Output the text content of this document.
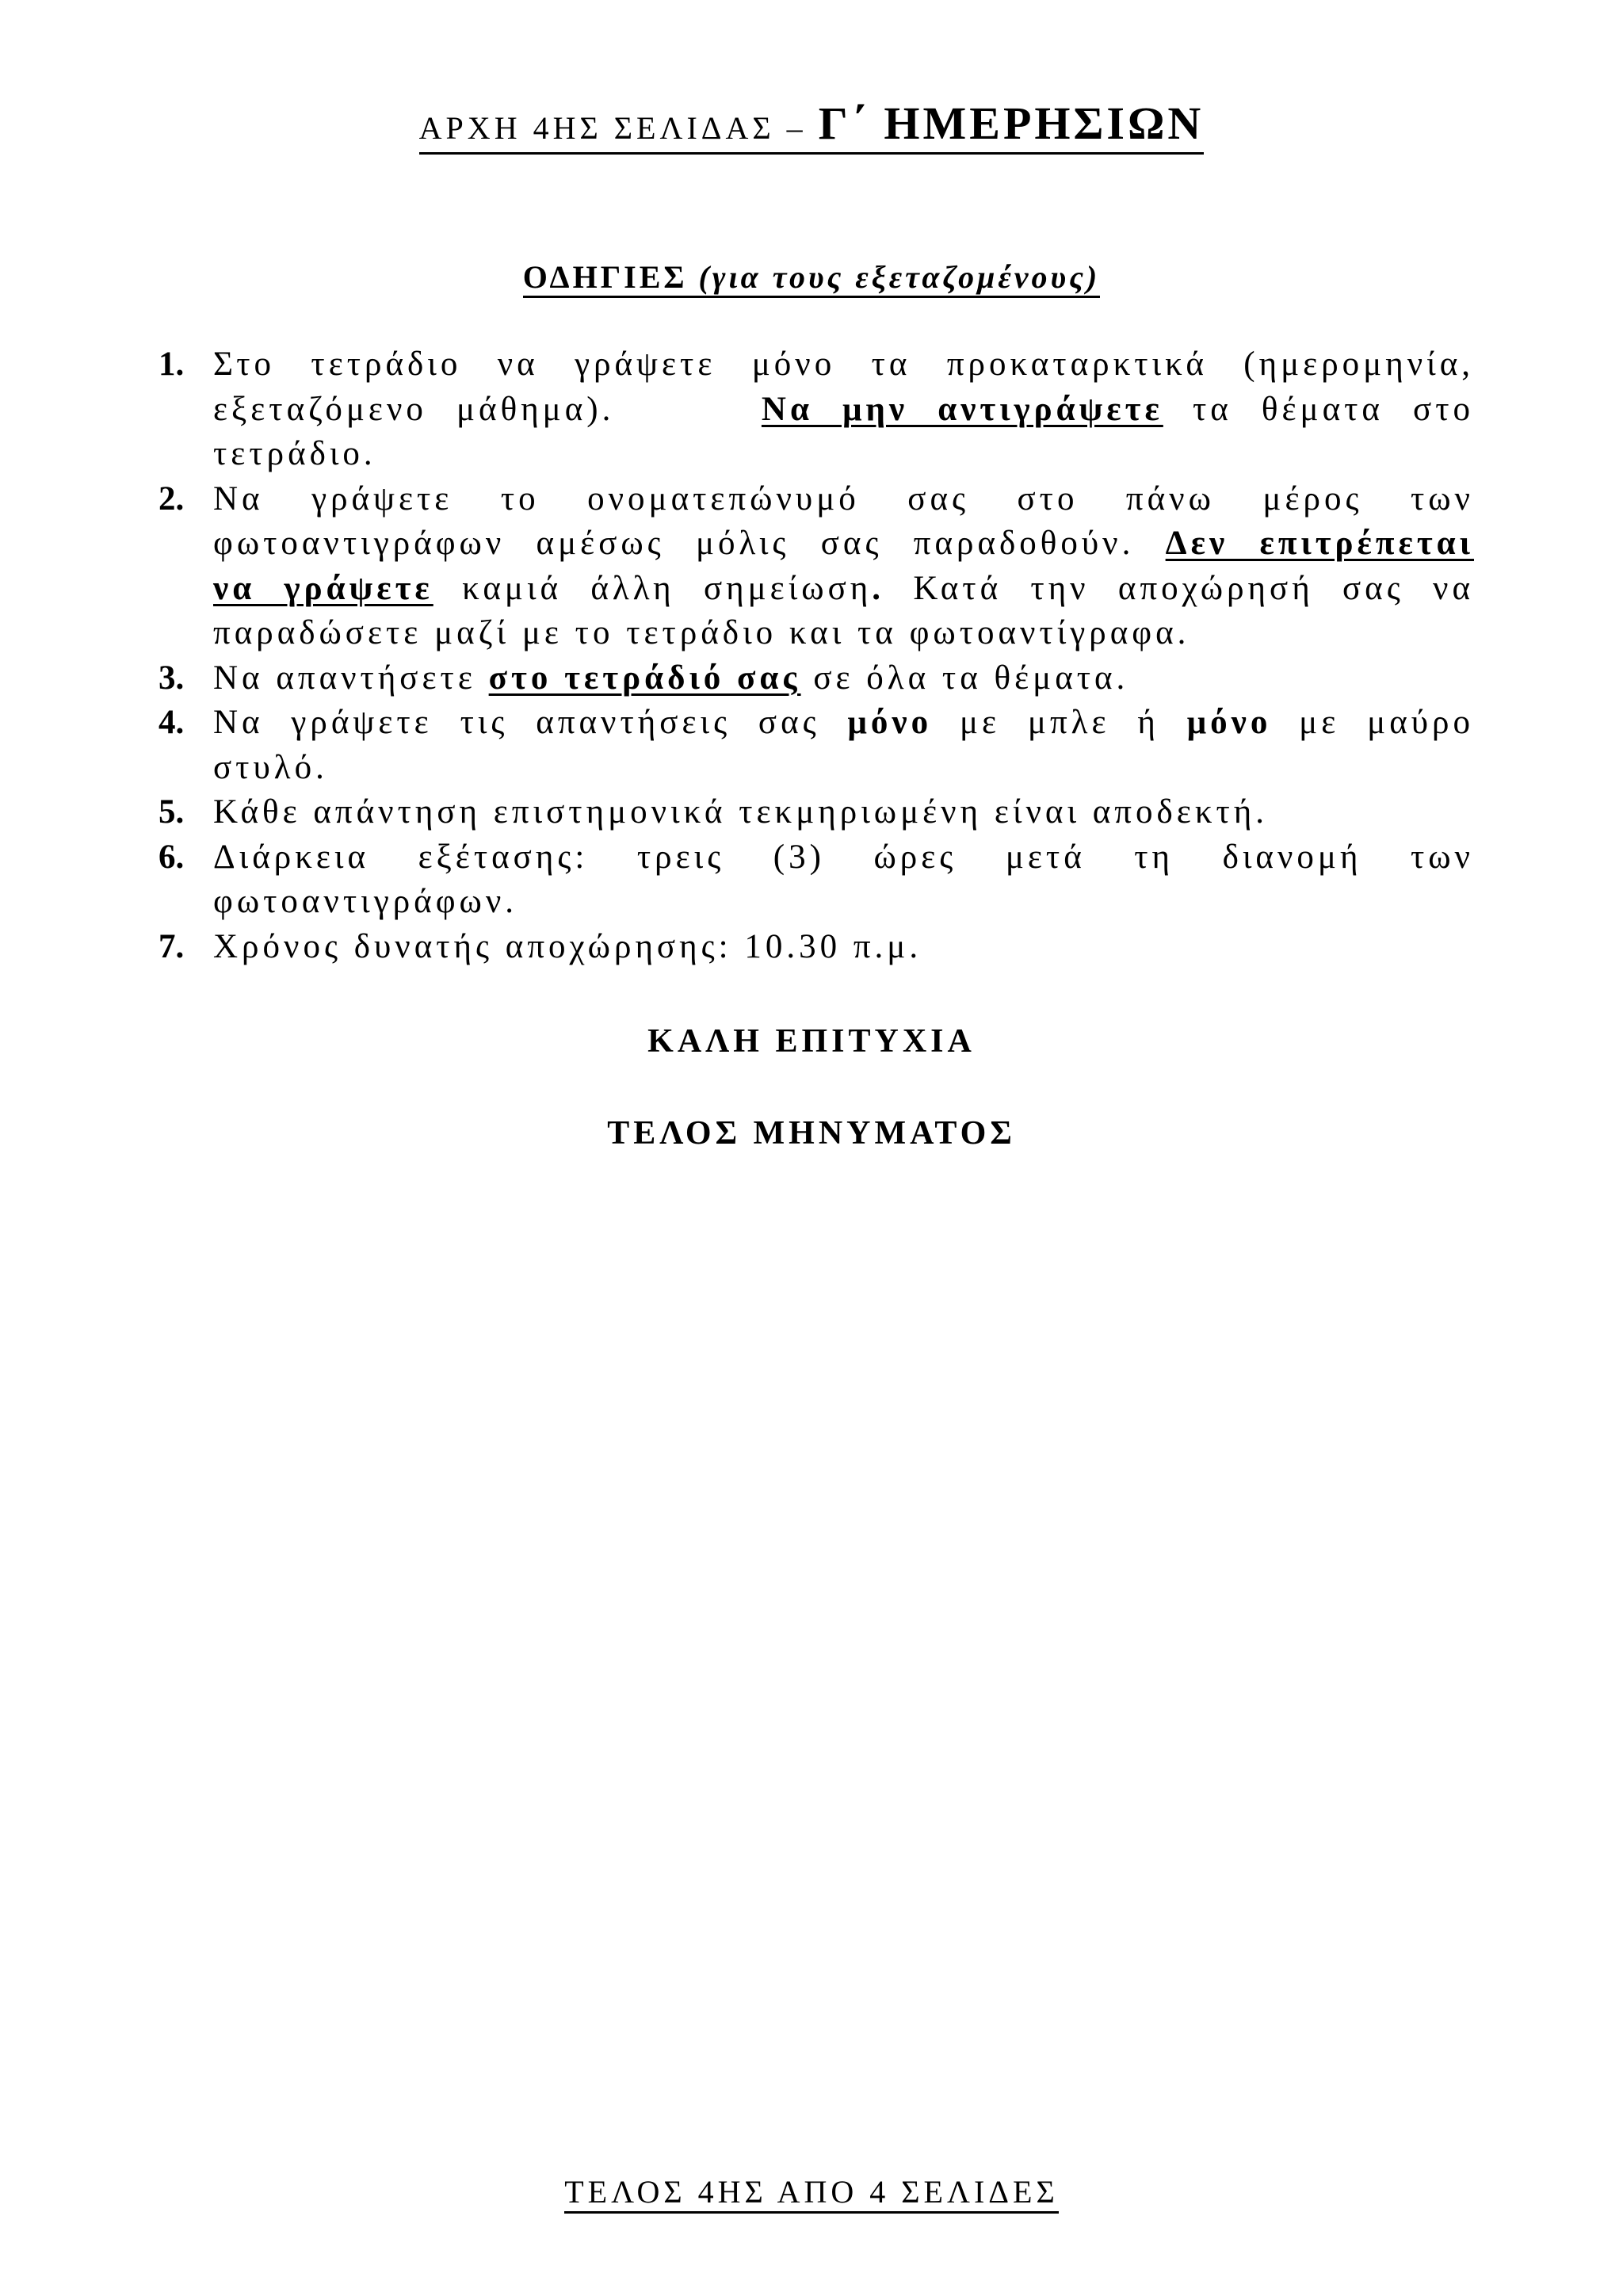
ΑΡΧΗ 4ΗΣ ΣΕΛΙΔΑΣ – Γ΄ ΗΜΕΡΗΣΙΩΝ
ΟΔΗΓΙΕΣ (για τους εξεταζομένους)
1. Στο τετράδιο να γράψετε μόνο τα προκαταρκτικά (ημερομηνία,
εξεταζόμενο μάθημα).	Να μην αντιγράψετε τα θέματα στο
τετράδιο.
2. Να γράψετε το ονοματεπώνυμό σας στο πάνω μέρος των
φωτοαντιγράφων αμέσως μόλις σας παραδοθούν. Δεν επιτρέπεται
να γράψετε καμιά άλλη σημείωση. Κατά την αποχώρησή σας να
παραδώσετε μαζί με το τετράδιο και τα φωτοαντίγραφα.
3. Να απαντήσετε στο τετράδιό σας σε όλα τα θέματα.
4. Να γράψετε τις απαντήσεις σας μόνο με μπλε ή μόνο με μαύρο
στυλό.
5. Κάθε απάντηση επιστημονικά τεκμηριωμένη είναι αποδεκτή.
6. Διάρκεια εξέτασης: τρεις (3) ώρες μετά τη διανομή των
φωτοαντιγράφων.
7. Χρόνος δυνατής αποχώρησης: 10.30 π.μ.
ΚΑΛΗ ΕΠΙΤΥΧΙΑ
ΤΕΛΟΣ ΜΗΝΥΜΑΤΟΣ
ΤΕΛΟΣ 4ΗΣ ΑΠΟ 4 ΣΕΛΙΔΕΣ
